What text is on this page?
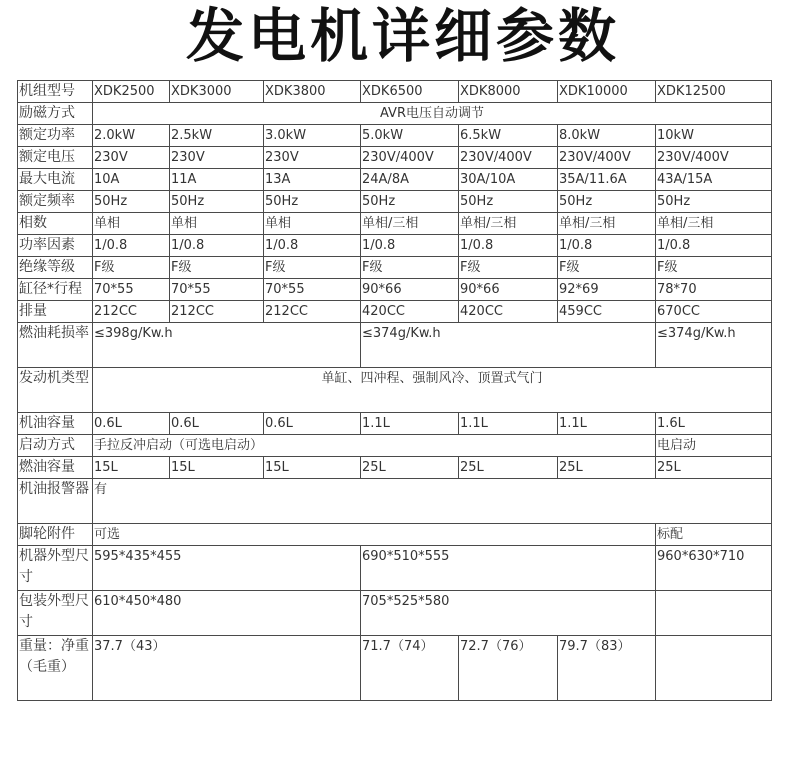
发电机详细参数
机组型号	XDK2500	XDK3000	XDK3800	XDK6500	XDK8000	XDK10000	XDK12500
励磁方式	AVR电压自动调节						
额定功率	2.0kW	2.5kW	3.0kW	5.0kW	6.5kW	8.0kW	10kW
额定电压	230V	230V	230V	230V/400V	230V/400V	230V/400V	230V/400V
最大电流	10A	11A	13A	24A/8A	30A/10A	35A/11.6A	43A/15A
额定频率	50Hz	50Hz	50Hz	50Hz	50Hz	50Hz	50Hz
相数	单相	单相	单相	单相/三相	单相/三相	单相/三相	单相/三相
功率因素	1/0.8	1/0.8	1/0.8	1/0.8	1/0.8	1/0.8	1/0.8
绝缘等级	F级	F级	F级	F级	F级	F级	F级
缸径*行程	70*55	70*55	70*55	90*66	90*66	92*69	78*70
排量	212CC	212CC	212CC	420CC	420CC	459CC	670CC
燃油耗损率	≤398g/Kw.h			≤374g/Kw.h			≤374g/Kw.h
发动机类型	单缸、四冲程、强制风冷、顶置式气门						
机油容量	0.6L	0.6L	0.6L	1.1L	1.1L	1.1L	1.6L
启动方式	手拉反冲启动（可选电启动）						电启动
燃油容量	15L	15L	15L	25L	25L	25L	25L
机油报警器	有						
脚轮附件	可选						标配
机器外型尺寸	595*435*455			690*510*555			960*630*710
包装外型尺寸	610*450*480			705*525*580			
重量：净重（毛重）	37.7（43）			71.7（74）	72.7（76）	79.7（83）	
